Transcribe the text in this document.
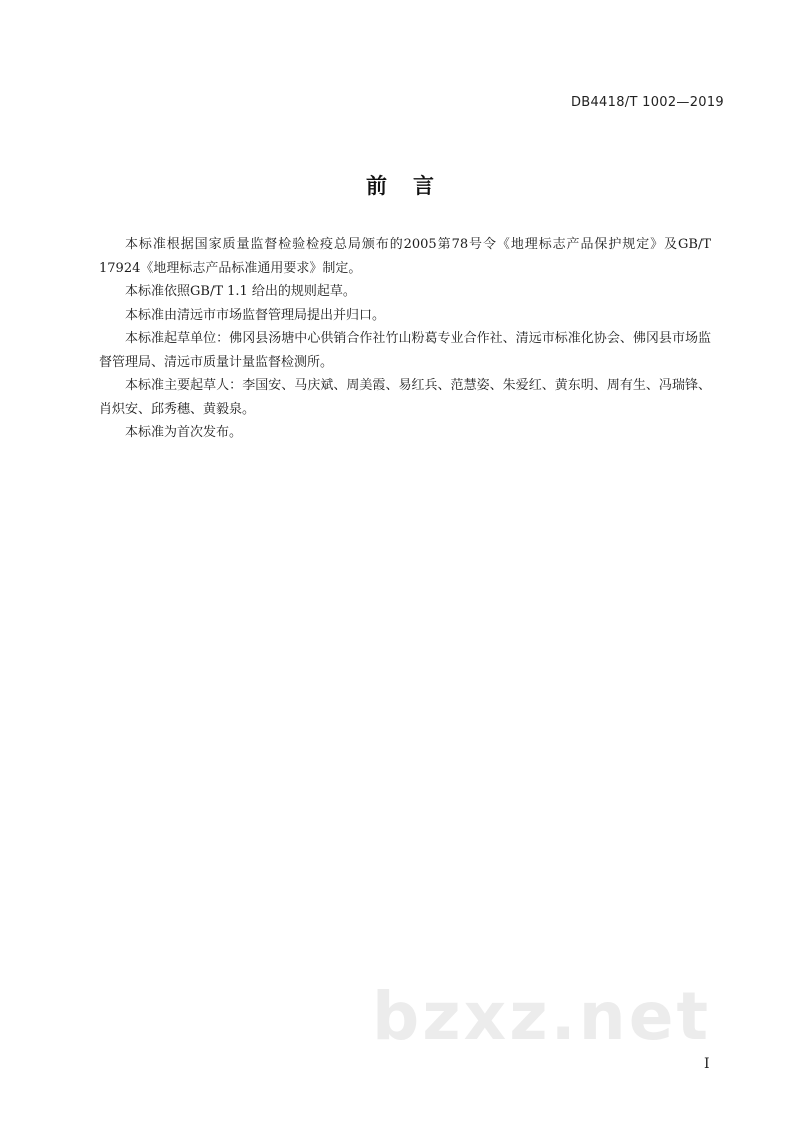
DB4418/T 1002—2019
前言

本标准根据国家质量监督检验检疫总局颁布的2005第78号令《地理标志产品保护规定》及GB/T 17924《地理标志产品标准通用要求》制定。

本标准依照GB/T 1.1 给出的规则起草。

本标准由清远市市场监督管理局提出并归口。

本标准起草单位：佛冈县汤塘中心供销合作社竹山粉葛专业合作社、清远市标准化协会、佛冈县市场监督管理局、清远市质量计量监督检测所。

本标准主要起草人：李国安、马庆斌、周美霞、易红兵、范慧姿、朱爱红、黄东明、周有生、冯瑞锋、肖炽安、邱秀穗、黄毅泉。

本标准为首次发布。

bzxz.net
I
